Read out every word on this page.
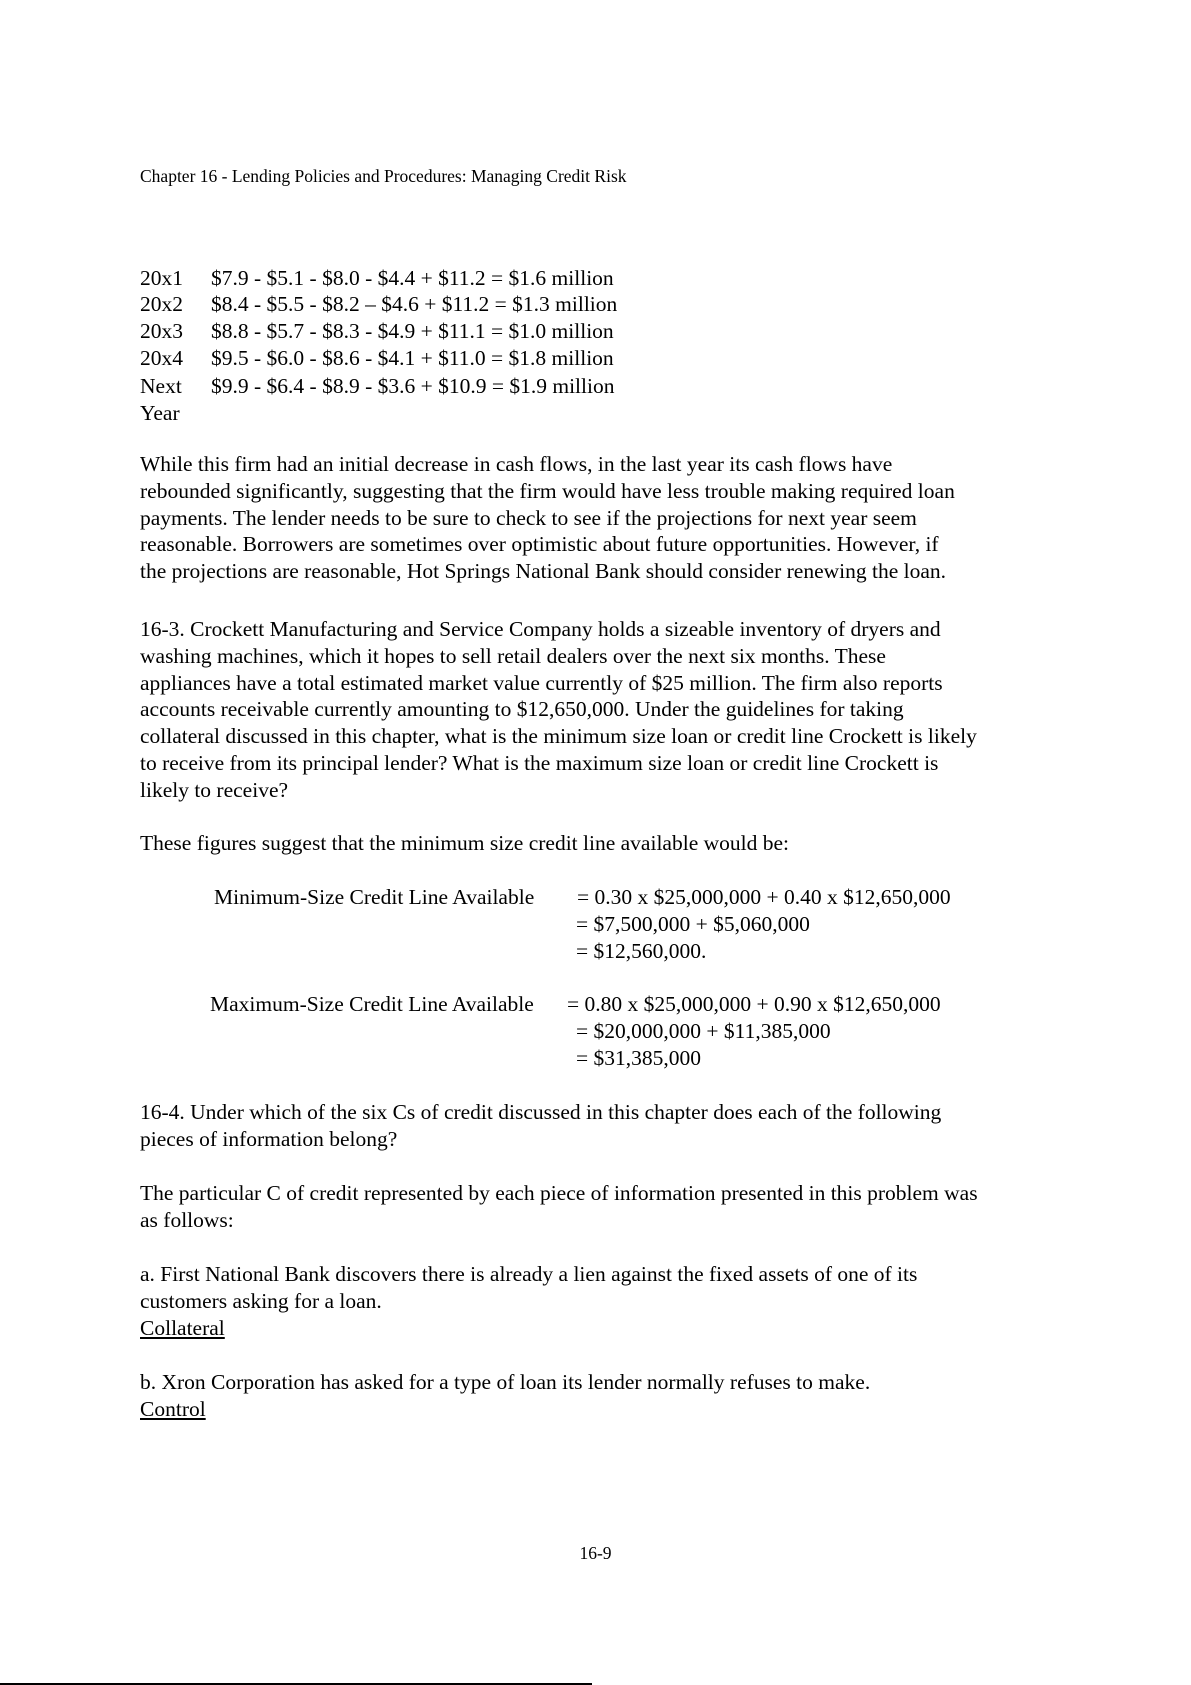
Chapter 16 - Lending Policies and Procedures: Managing Credit Risk
20x1	$7.9 - $5.1 - $8.0 - $4.4 + $11.2 = $1.6 million
20x2	$8.4 - $5.5 - $8.2 – $4.6 + $11.2 = $1.3 million
20x3	$8.8 - $5.7 - $8.3 - $4.9 + $11.1 = $1.0 million
20x4	$9.5 - $6.0 - $8.6 - $4.1 + $11.0 = $1.8 million
Next	$9.9 - $6.4 - $8.9 - $3.6 + $10.9 = $1.9 million
Year
While this firm had an initial decrease in cash flows, in the last year its cash flows have
rebounded significantly, suggesting that the firm would have less trouble making required loan
payments. The lender needs to be sure to check to see if the projections for next year seem
reasonable. Borrowers are sometimes over optimistic about future opportunities. However, if
the projections are reasonable, Hot Springs National Bank should consider renewing the loan.
16-3. Crockett Manufacturing and Service Company holds a sizeable inventory of dryers and
washing machines, which it hopes to sell retail dealers over the next six months. These
appliances have a total estimated market value currently of $25 million. The firm also reports
accounts receivable currently amounting to $12,650,000. Under the guidelines for taking
collateral discussed in this chapter, what is the minimum size loan or credit line Crockett is likely
to receive from its principal lender? What is the maximum size loan or credit line Crockett is
likely to receive?
These figures suggest that the minimum size credit line available would be:
Minimum-Size Credit Line Available = 0.30 x $25,000,000 + 0.40 x $12,650,000
= $7,500,000 + $5,060,000
= $12,560,000.
Maximum-Size Credit Line Available = 0.80 x $25,000,000 + 0.90 x $12,650,000
= $20,000,000 + $11,385,000
= $31,385,000
16-4. Under which of the six Cs of credit discussed in this chapter does each of the following
pieces of information belong?
The particular C of credit represented by each piece of information presented in this problem was
as follows:
a. First National Bank discovers there is already a lien against the fixed assets of one of its
customers asking for a loan.
Collateral
b. Xron Corporation has asked for a type of loan its lender normally refuses to make.
Control
16-9
